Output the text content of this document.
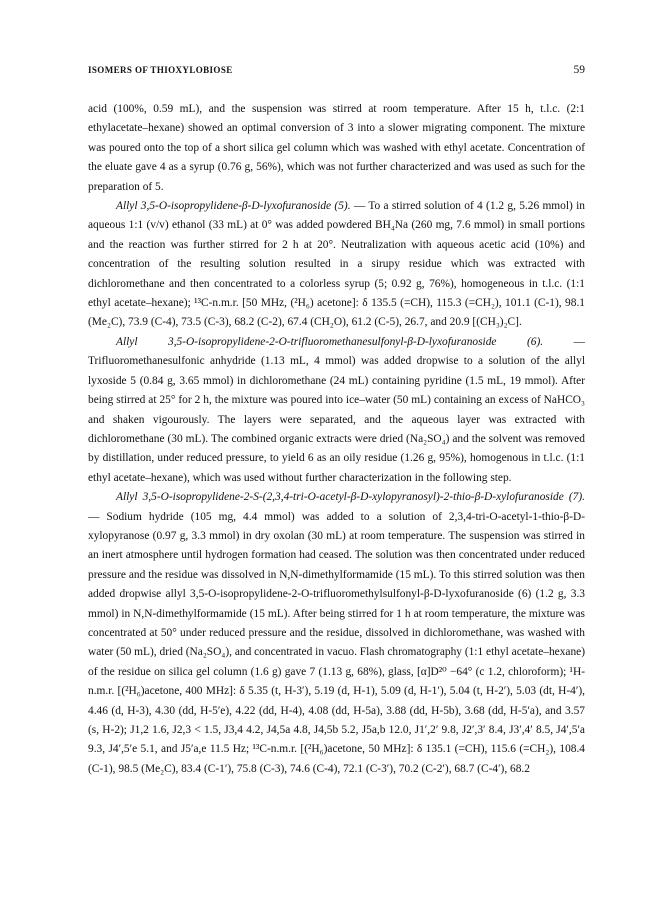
ISOMERS OF THIOXYLOBIOSE	59

acid (100%, 0.59 mL), and the suspension was stirred at room temperature. After 15 h, t.l.c. (2:1 ethylacetate–hexane) showed an optimal conversion of 3 into a slower migrating component. The mixture was poured onto the top of a short silica gel column which was washed with ethyl acetate. Concentration of the eluate gave 4 as a syrup (0.76 g, 56%), which was not further characterized and was used as such for the preparation of 5.

Allyl 3,5-O-isopropylidene-β-D-lyxofuranoside (5). — To a stirred solution of 4 (1.2 g, 5.26 mmol) in aqueous 1:1 (v/v) ethanol (33 mL) at 0° was added powdered BH₄Na (260 mg, 7.6 mmol) in small portions and the reaction was further stirred for 2 h at 20°. Neutralization with aqueous acetic acid (10%) and concentration of the resulting solution resulted in a sirupy residue which was extracted with dichloromethane and then concentrated to a colorless syrup (5; 0.92 g, 76%), homogeneous in t.l.c. (1:1 ethyl acetate–hexane); ¹³C-n.m.r. [50 MHz, (²H₆) acetone]: δ 135.5 (=CH), 115.3 (=CH₂), 101.1 (C-1), 98.1 (Me₂C), 73.9 (C-4), 73.5 (C-3), 68.2 (C-2), 67.4 (CH₂O), 61.2 (C-5), 26.7, and 20.9 [(CH₃)₂C].

Allyl 3,5-O-isopropylidene-2-O-trifluoromethanesulfonyl-β-D-lyxofuranoside (6). — Trifluoromethanesulfonic anhydride (1.13 mL, 4 mmol) was added dropwise to a solution of the allyl lyxoside 5 (0.84 g, 3.65 mmol) in dichloromethane (24 mL) containing pyridine (1.5 mL, 19 mmol). After being stirred at 25° for 2 h, the mixture was poured into ice–water (50 mL) containing an excess of NaHCO₃ and shaken vigourously. The layers were separated, and the aqueous layer was extracted with dichloromethane (30 mL). The combined organic extracts were dried (Na₂SO₄) and the solvent was removed by distillation, under reduced pressure, to yield 6 as an oily residue (1.26 g, 95%), homogenous in t.l.c. (1:1 ethyl acetate–hexane), which was used without further characterization in the following step.

Allyl 3,5-O-isopropylidene-2-S-(2,3,4-tri-O-acetyl-β-D-xylopyranosyl)-2-thio-β-D-xylofuranoside (7). — Sodium hydride (105 mg, 4.4 mmol) was added to a solution of 2,3,4-tri-O-acetyl-1-thio-β-D-xylopyranose (0.97 g, 3.3 mmol) in dry oxolan (30 mL) at room temperature. The suspension was stirred in an inert atmosphere until hydrogen formation had ceased. The solution was then concentrated under reduced pressure and the residue was dissolved in N,N-dimethylformamide (15 mL). To this stirred solution was then added dropwise allyl 3,5-O-isopropylidene-2-O-trifluoromethylsulfonyl-β-D-lyxofuranoside (6) (1.2 g, 3.3 mmol) in N,N-dimethylformamide (15 mL). After being stirred for 1 h at room temperature, the mixture was concentrated at 50° under reduced pressure and the residue, dissolved in dichloromethane, was washed with water (50 mL), dried (Na₂SO₄), and concentrated in vacuo. Flash chromatography (1:1 ethyl acetate–hexane) of the residue on silica gel column (1.6 g) gave 7 (1.13 g, 68%), glass, [α]D²⁰ −64° (c 1.2, chloroform); ¹H-n.m.r. [(²H₆)acetone, 400 MHz]: δ 5.35 (t, H-3′), 5.19 (d, H-1), 5.09 (d, H-1′), 5.04 (t, H-2′), 5.03 (dt, H-4′), 4.46 (d, H-3), 4.30 (dd, H-5′e), 4.22 (dd, H-4), 4.08 (dd, H-5a), 3.88 (dd, H-5b), 3.68 (dd, H-5′a), and 3.57 (s, H-2); J1,2 1.6, J2,3 < 1.5, J3,4 4.2, J4,5a 4.8, J4,5b 5.2, J5a,b 12.0, J1′,2′ 9.8, J2′,3′ 8.4, J3′,4′ 8.5, J4′,5′a 9.3, J4′,5′e 5.1, and J5′a,e 11.5 Hz; ¹³C-n.m.r. [(²H₆)acetone, 50 MHz]: δ 135.1 (=CH), 115.6 (=CH₂), 108.4 (C-1), 98.5 (Me₂C), 83.4 (C-1′), 75.8 (C-3), 74.6 (C-4), 72.1 (C-3′), 70.2 (C-2′), 68.7 (C-4′), 68.2
